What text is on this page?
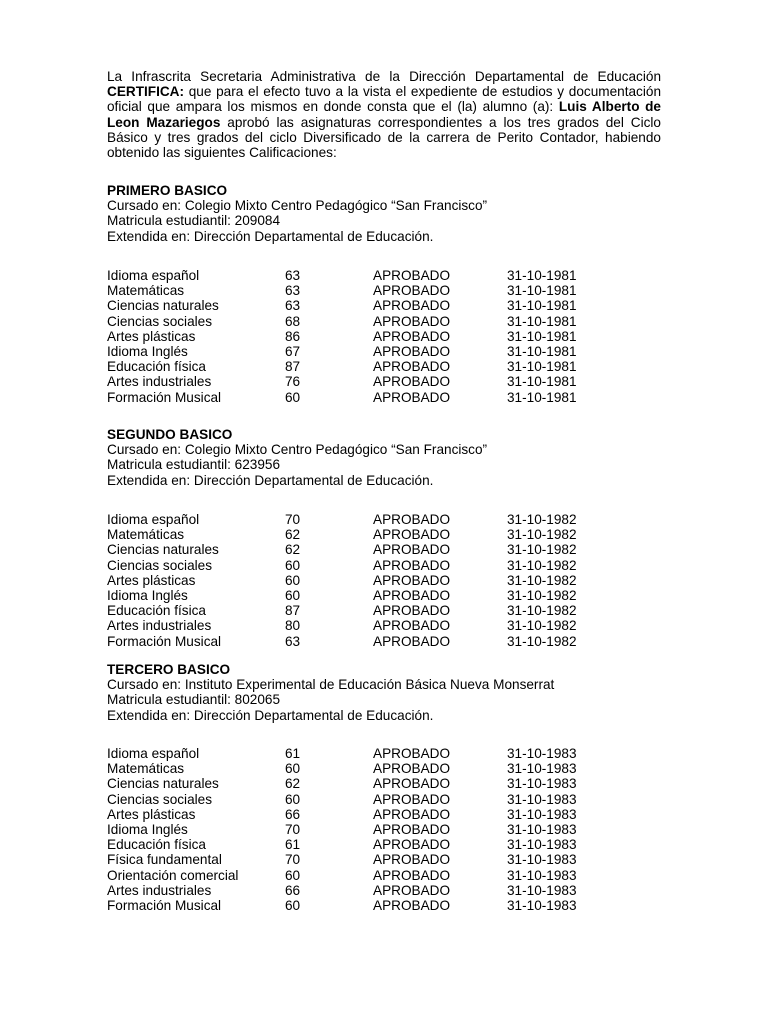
La Infrascrita Secretaria Administrativa de la Dirección Departamental de Educación CERTIFICA: que para el efecto tuvo a la vista el expediente de estudios y documentación oficial que ampara los mismos en donde consta que el (la) alumno (a): Luis Alberto de Leon Mazariegos aprobó las asignaturas correspondientes a los tres grados del Ciclo Básico y tres grados del ciclo Diversificado de la carrera de Perito Contador, habiendo obtenido las siguientes Calificaciones:

PRIMERO BASICO

Cursado en: Colegio Mixto Centro Pedagógico “San Francisco”

Matricula estudiantil: 209084

Extendida en: Dirección Departamental de Educación.

Idioma español	63	APROBADO	31-10-1981
Matemáticas	63	APROBADO	31-10-1981
Ciencias naturales	63	APROBADO	31-10-1981
Ciencias sociales	68	APROBADO	31-10-1981
Artes plásticas	86	APROBADO	31-10-1981
Idioma Inglés	67	APROBADO	31-10-1981
Educación física	87	APROBADO	31-10-1981
Artes industriales	76	APROBADO	31-10-1981
Formación Musical	60	APROBADO	31-10-1981

SEGUNDO BASICO

Cursado en: Colegio Mixto Centro Pedagógico “San Francisco”

Matricula estudiantil: 623956

Extendida en: Dirección Departamental de Educación.

Idioma español	70	APROBADO	31-10-1982
Matemáticas	62	APROBADO	31-10-1982
Ciencias naturales	62	APROBADO	31-10-1982
Ciencias sociales	60	APROBADO	31-10-1982
Artes plásticas	60	APROBADO	31-10-1982
Idioma Inglés	60	APROBADO	31-10-1982
Educación física	87	APROBADO	31-10-1982
Artes industriales	80	APROBADO	31-10-1982
Formación Musical	63	APROBADO	31-10-1982

TERCERO BASICO

Cursado en: Instituto Experimental de Educación Básica Nueva Monserrat

Matricula estudiantil: 802065

Extendida en: Dirección Departamental de Educación.

Idioma español	61	APROBADO	31-10-1983
Matemáticas	60	APROBADO	31-10-1983
Ciencias naturales	62	APROBADO	31-10-1983
Ciencias sociales	60	APROBADO	31-10-1983
Artes plásticas	66	APROBADO	31-10-1983
Idioma Inglés	70	APROBADO	31-10-1983
Educación física	61	APROBADO	31-10-1983
Física fundamental	70	APROBADO	31-10-1983
Orientación comercial	60	APROBADO	31-10-1983
Artes industriales	66	APROBADO	31-10-1983
Formación Musical	60	APROBADO	31-10-1983
